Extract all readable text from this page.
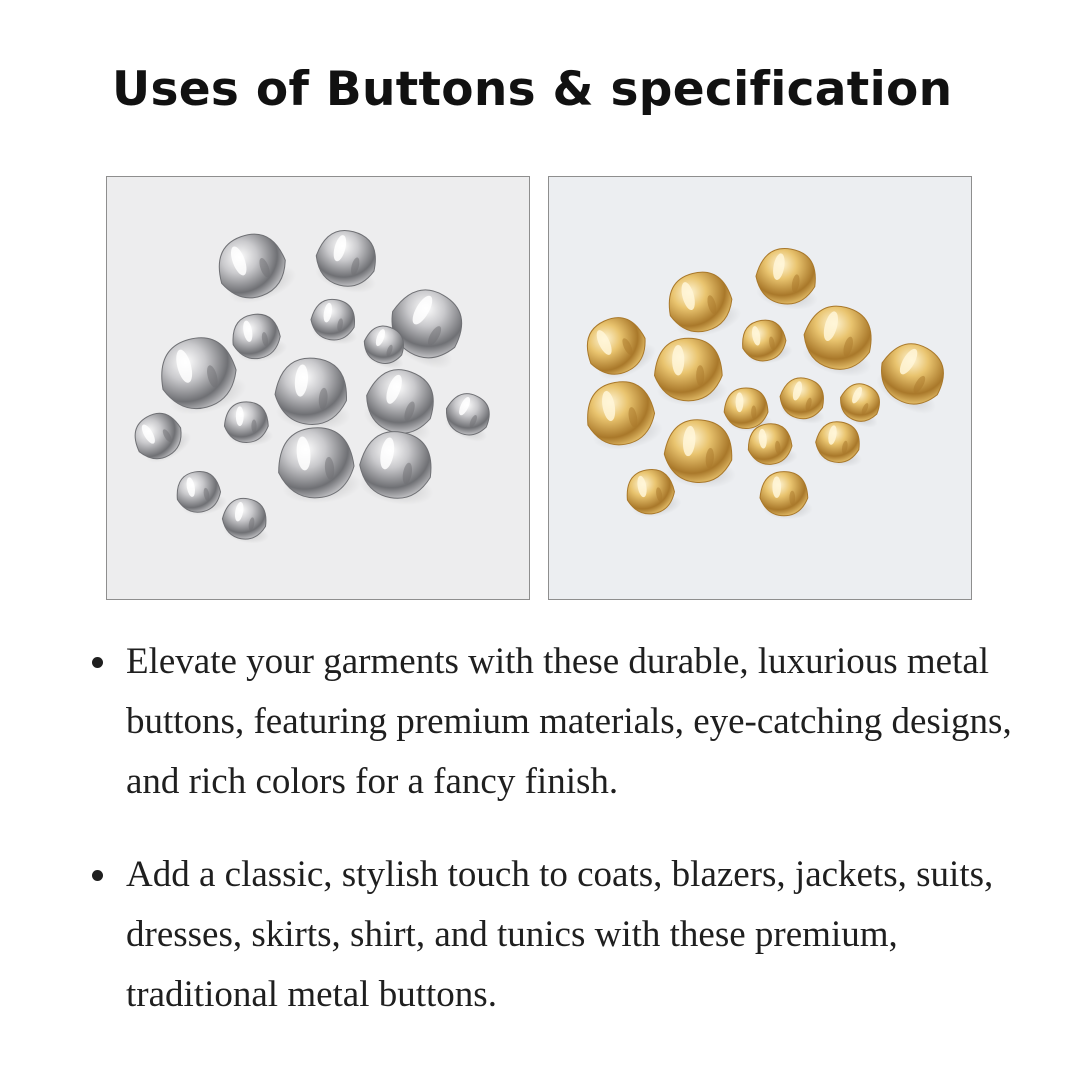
Uses of Buttons & specification
Elevate your garments with these durable, luxurious metal buttons, featuring premium materials, eye-catching designs, and rich colors for a fancy finish.
Add a classic, stylish touch to coats, blazers, jackets, suits, dresses, skirts, shirt, and tunics with these premium, traditional metal buttons.
